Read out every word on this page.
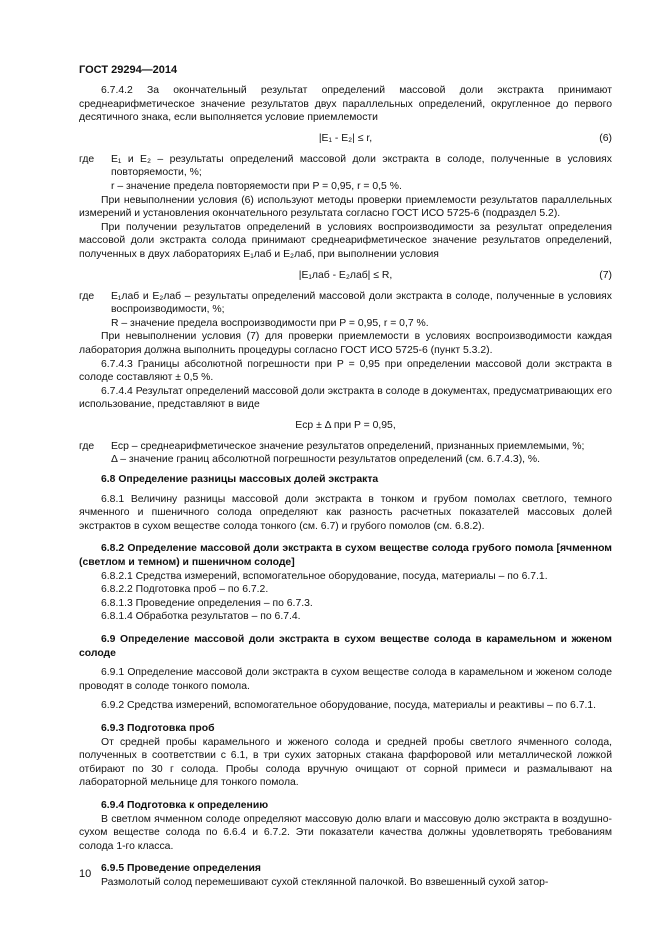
ГОСТ 29294—2014

6.7.4.2 За окончательный результат определений массовой доли экстракта принимают среднеарифметическое значение результатов двух параллельных определений, округленное до первого десятичного знака, если выполняется условие приемлемости

|E₁ - E₂| ≤ r,	(6)
где	E₁ и E₂ – результаты определений массовой доли экстракта в солоде, полученные в условиях повторяемости, %;

r – значение предела повторяемости при P = 0,95, r = 0,5 %.

При невыполнении условия (6) используют методы проверки приемлемости результатов параллельных измерений и установления окончательного результата согласно ГОСТ ИСО 5725-6 (подраздел 5.2).

При получении результатов определений в условиях воспроизводимости за результат определения массовой доли экстракта солода принимают среднеарифметическое значение результатов определений, полученных в двух лабораториях E₁лаб и E₂лаб, при выполнении условия

|E₁лаб - E₂лаб| ≤ R,	(7)
где	E₁лаб и E₂лаб – результаты определений массовой доли экстракта в солоде, полученные в условиях воспроизводимости, %;

R – значение предела воспроизводимости при P = 0,95, r = 0,7 %.

При невыполнении условия (7) для проверки приемлемости в условиях воспроизводимости каждая лаборатория должна выполнить процедуры согласно ГОСТ ИСО 5725-6 (пункт 5.3.2).

6.7.4.3 Границы абсолютной погрешности при P = 0,95 при определении массовой доли экстракта в солоде составляют ± 0,5 %.

6.7.4.4 Результат определений массовой доли экстракта в солоде в документах, предусматривающих его использование, представляют в виде

Eср ± Δ при P = 0,95,
где	Eср – среднеарифметическое значение результатов определений, признанных приемлемыми, %;

Δ – значение границ абсолютной погрешности результатов определений (см. 6.7.4.3), %.

6.8 Определение разницы массовых долей экстракта

6.8.1 Величину разницы массовой доли экстракта в тонком и грубом помолах светлого, темного ячменного и пшеничного солода определяют как разность расчетных показателей массовых долей экстрактов в сухом веществе солода тонкого (см. 6.7) и грубого помолов (см. 6.8.2).

6.8.2 Определение массовой доли экстракта в сухом веществе солода грубого помола [ячменном (светлом и темном) и пшеничном солоде]

6.8.2.1 Средства измерений, вспомогательное оборудование, посуда, материалы – по 6.7.1.

6.8.2.2 Подготовка проб – по 6.7.2.

6.8.1.3 Проведение определения – по 6.7.3.

6.8.1.4 Обработка результатов – по 6.7.4.

6.9 Определение массовой доли экстракта в сухом веществе солода в карамельном и жженом солоде

6.9.1 Определение массовой доли экстракта в сухом веществе солода в карамельном и жженом солоде проводят в солоде тонкого помола.

6.9.2 Средства измерений, вспомогательное оборудование, посуда, материалы и реактивы – по 6.7.1.

6.9.3 Подготовка проб

От средней пробы карамельного и жженого солода и средней пробы светлого ячменного солода, полученных в соответствии с 6.1, в три сухих заторных стакана фарфоровой или металлической ложкой отбирают по 30 г солода. Пробы солода вручную очищают от сорной примеси и размалывают на лабораторной мельнице для тонкого помола.

6.9.4 Подготовка к определению

В светлом ячменном солоде определяют массовую долю влаги и массовую долю экстракта в воздушно-сухом веществе солода по 6.6.4 и 6.7.2. Эти показатели качества должны удовлетворять требованиям солода 1-го класса.

6.9.5 Проведение определения

Размолотый солод перемешивают сухой стеклянной палочкой. Во взвешенный сухой затор-

10
